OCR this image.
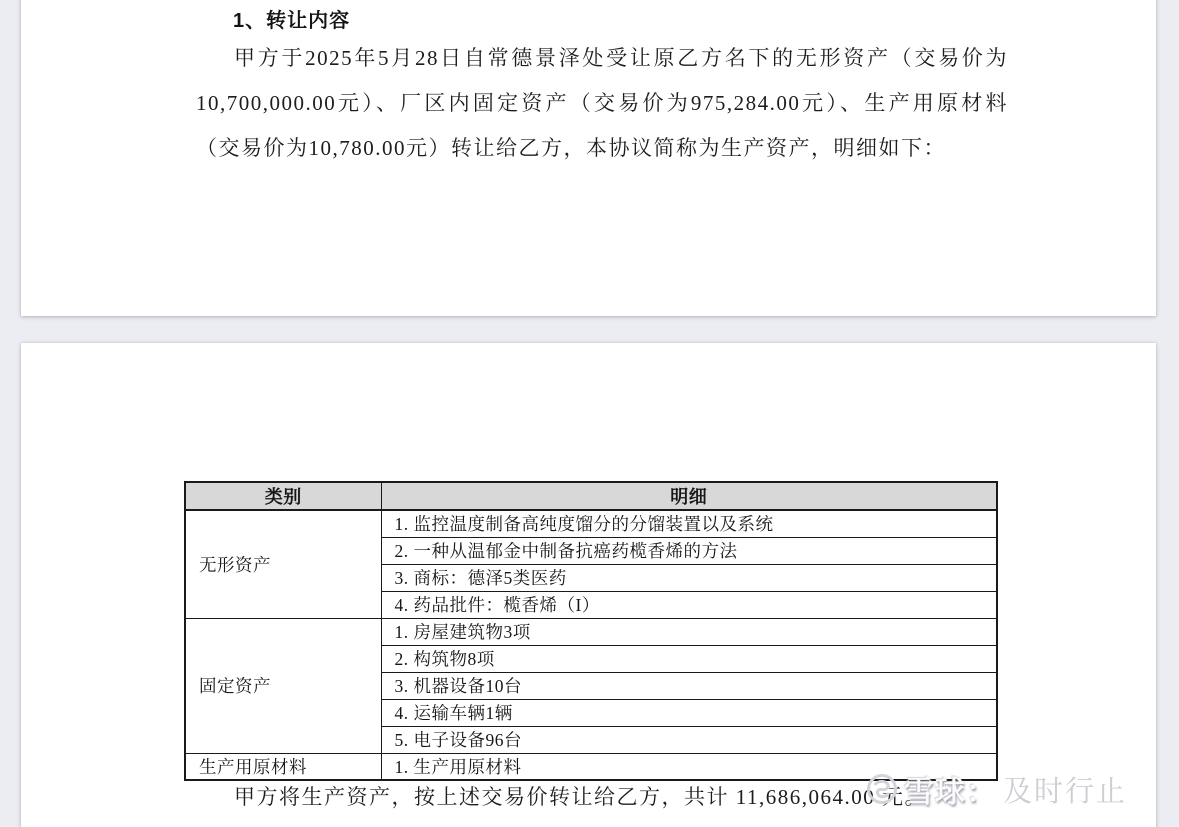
1、转让内容
甲方于2025年5月28日自常德景泽处受让原乙方名下的无形资产（交易价为10,700,000.00元）、厂区内固定资产（交易价为975,284.00元）、生产用原材料（交易价为10,780.00元）转让给乙方，本协议简称为生产资产，明细如下：
类别	明细
无形资产	1. 监控温度制备高纯度馏分的分馏装置以及系统
	2. 一种从温郁金中制备抗癌药榄香烯的方法
	3. 商标：德泽5类医药
	4. 药品批件：榄香烯（I）
固定资产	1. 房屋建筑物3项
	2. 构筑物8项
	3. 机器设备10台
	4. 运输车辆1辆
	5. 电子设备96台
生产用原材料	1. 生产用原材料
甲方将生产资产，按上述交易价转让给乙方，共计 11,686,064.00 元。
雪球： 及时行止
